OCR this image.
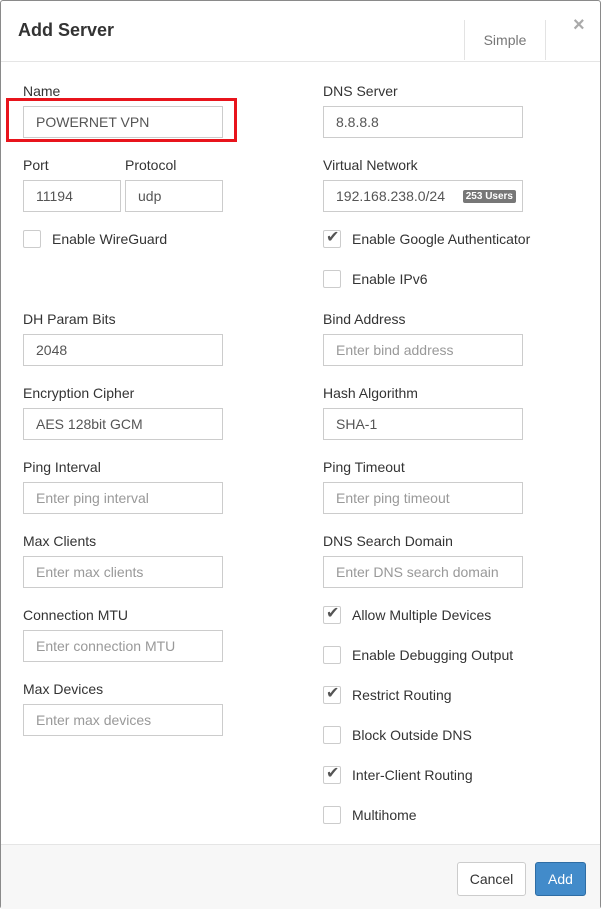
Add Server	Simple
×
Name
POWERNET VPN
Port
11194
Protocol
udp
Enable WireGuard
DH Param Bits
2048
Encryption Cipher
AES 128bit GCM
Ping Interval
Enter ping interval
Max Clients
Enter max clients
Connection MTU
Enter connection MTU
Max Devices
Enter max devices
DNS Server
8.8.8.8
Virtual Network
192.168.238.0/24	253 Users
✔ Enable Google Authenticator
Enable IPv6
Bind Address
Enter bind address
Hash Algorithm
SHA-1
Ping Timeout
Enter ping timeout
DNS Search Domain
Enter DNS search domain
✔ Allow Multiple Devices
Enable Debugging Output
✔ Restrict Routing
Block Outside DNS
✔ Inter-Client Routing
Multihome
Cancel	Add
